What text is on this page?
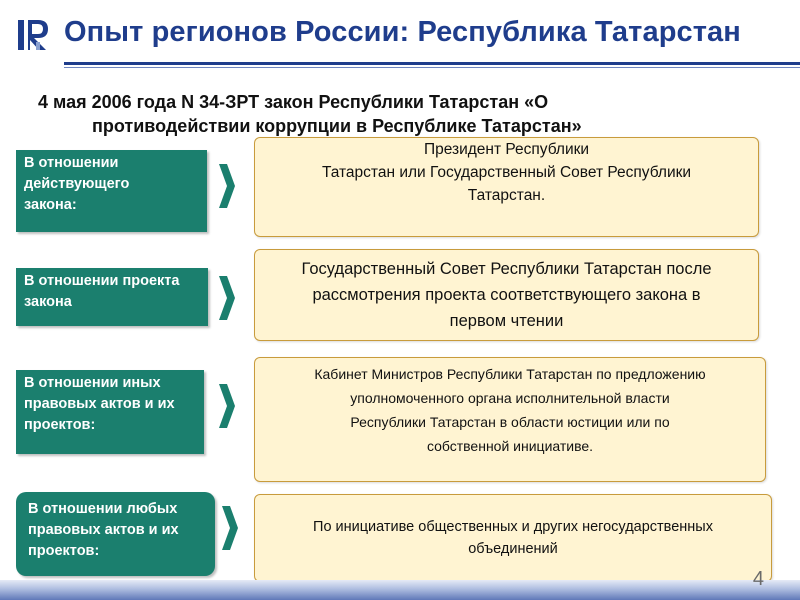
Опыт регионов России: Республика Татарстан
4 мая 2006 года N 34-ЗРТ закон Республики Татарстан «О
противодействии коррупции в Республике Татарстан»
В отношении
действующего
закона:
Президент Республики
Татарстан или Государственный Совет Республики
Татарстан.
В отношении проекта
закона
Государственный Совет Республики Татарстан после
рассмотрения проекта соответствующего закона в
первом чтении
В отношении иных
правовых актов и их
проектов:
Кабинет Министров Республики Татарстан по предложению
уполномоченного органа исполнительной власти
Республики Татарстан в области юстиции или по
собственной инициативе.
В отношении любых
правовых актов и их
проектов:
По инициативе общественных и других негосударственных
объединений
4
